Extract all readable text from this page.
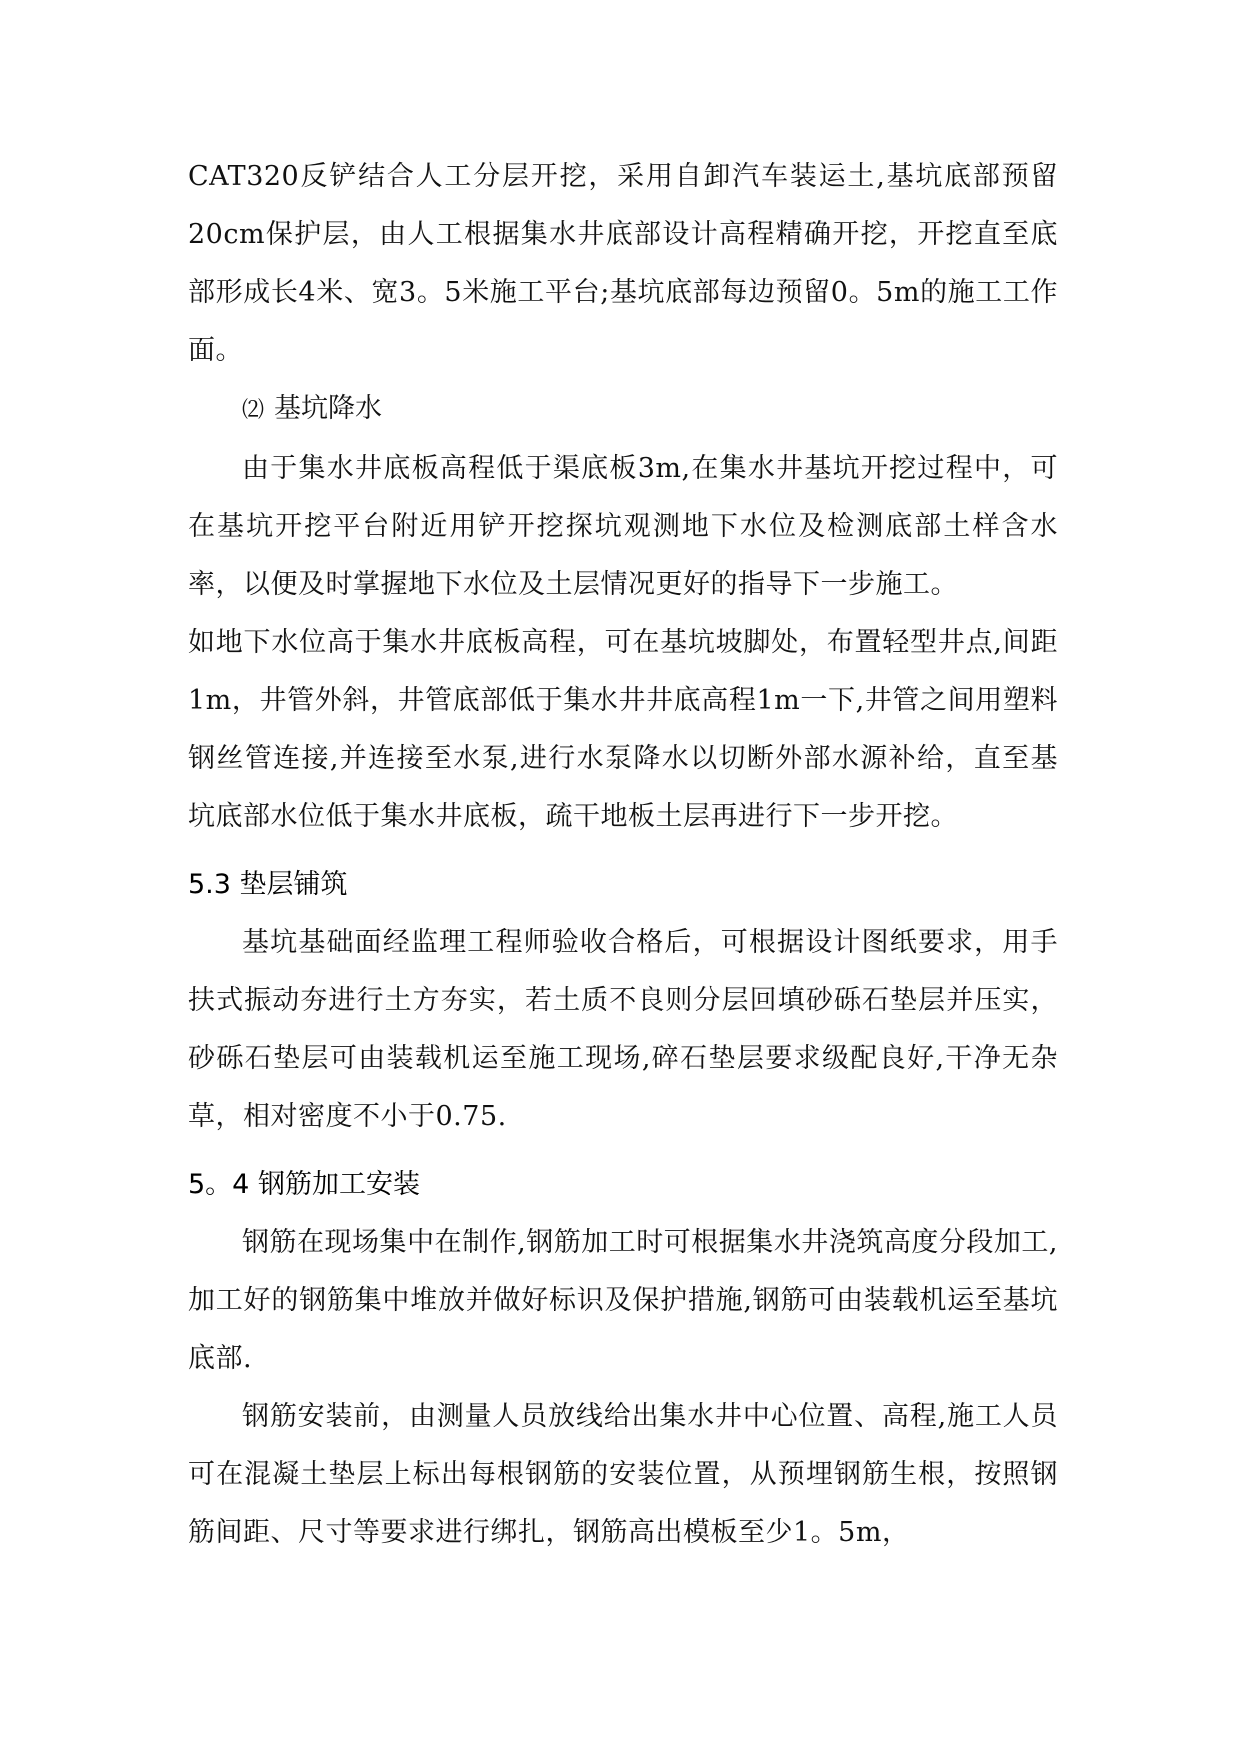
CAT320反铲结合人工分层开挖，采用自卸汽车装运土,基坑底部预留20cm保护层，由人工根据集水井底部设计高程精确开挖，开挖直至底部形成长4米、宽3。5米施工平台;基坑底部每边预留0。5m的施工工作面。

⑵ 基坑降水

由于集水井底板高程低于渠底板3m,在集水井基坑开挖过程中，可在基坑开挖平台附近用铲开挖探坑观测地下水位及检测底部土样含水率，以便及时掌握地下水位及土层情况更好的指导下一步施工。

如地下水位高于集水井底板高程，可在基坑坡脚处，布置轻型井点,间距1m，井管外斜，井管底部低于集水井井底高程1m一下,井管之间用塑料钢丝管连接,并连接至水泵,进行水泵降水以切断外部水源补给，直至基坑底部水位低于集水井底板，疏干地板土层再进行下一步开挖。

5.3 垫层铺筑

基坑基础面经监理工程师验收合格后，可根据设计图纸要求，用手扶式振动夯进行土方夯实，若土质不良则分层回填砂砾石垫层并压实，砂砾石垫层可由装载机运至施工现场,碎石垫层要求级配良好,干净无杂草，相对密度不小于0.75.

5。4 钢筋加工安装

钢筋在现场集中在制作,钢筋加工时可根据集水井浇筑高度分段加工,加工好的钢筋集中堆放并做好标识及保护措施,钢筋可由装载机运至基坑底部.

钢筋安装前，由测量人员放线给出集水井中心位置、高程,施工人员可在混凝土垫层上标出每根钢筋的安装位置，从预埋钢筋生根，按照钢筋间距、尺寸等要求进行绑扎，钢筋高出模板至少1。5m，
